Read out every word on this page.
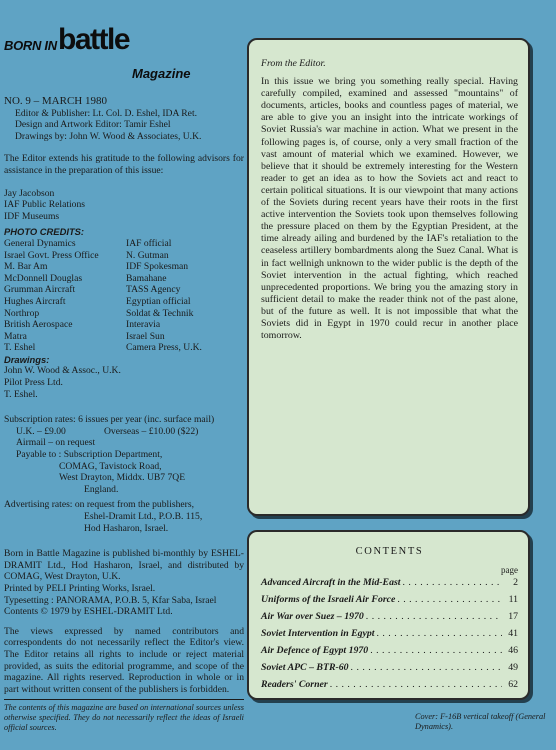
BORN IN battle
Magazine
NO. 9 – MARCH 1980
Editor & Publisher: Lt. Col. D. Eshel, IDA Ret.
Design and Artwork Editor: Tamir Eshel
Drawings by: John W. Wood & Associates, U.K.
The Editor extends his gratitude to the following advisors for assistance in the preparation of this issue:
Jay Jacobson
IAF Public Relations
IDF Museums
PHOTO CREDITS:
General Dynamics	IAF official
Israel Govt. Press Office	N. Gutman
M. Bar Am	IDF Spokesman
McDonnell Douglas	Bamahane
Grumman Aircraft	TASS Agency
Hughes Aircraft	Egyptian official
Northrop	Soldat & Technik
British Aerospace	Interavia
Matra	Israel Sun
T. Eshel	Camera Press, U.K.
Drawings:
John W. Wood & Assoc., U.K.
Pilot Press Ltd.
T. Eshel.
Subscription rates: 6 issues per year (inc. surface mail)
U.K. – £9.00	Overseas – £10.00 ($22)
Airmail – on request
Payable to : Subscription Department,
COMAG, Tavistock Road,
West Drayton, Middx. UB7 7QE
England.
Advertising rates: on request from the publishers,
Eshel-Dramit Ltd., P.O.B. 115,
Hod Hasharon, Israel.
Born in Battle Magazine is published bi-monthly by ESHEL-DRAMIT Ltd., Hod Hasharon, Israel, and distributed by COMAG, West Drayton, U.K.
Printed by PELI Printing Works, Israel.
Typesetting : PANORAMA, P.O.B. 5, Kfar Saba, Israel
Contents © 1979 by ESHEL-DRAMIT Ltd.
The views expressed by named contributors and correspondents do not necessarily reflect the Editor's view. The Editor retains all rights to include or reject material provided, as suits the editorial programme, and scope of the magazine. All rights reserved. Reproduction in whole or in part without written consent of the publishers is forbidden.
The contents of this magazine are based on international sources unless otherwise specified. They do not necessarily reflect the ideas of Israeli official sources.
From the Editor.

In this issue we bring you something really special. Having carefully compiled, examined and assessed "mountains" of documents, articles, books and countless pages of material, we are able to give you an insight into the intricate workings of Soviet Russia's war machine in action. What we present in the following pages is, of course, only a very small fraction of the vast amount of material which we examined. However, we believe that it should be extremely interesting for the Western reader to get an idea as to how the Soviets act and react to certain political situations. It is our viewpoint that many actions of the Soviets during recent years have their roots in the first active intervention the Soviets took upon themselves following the pressure placed on them by the Egyptian President, at the time already ailing and burdened by the IAF's retaliation to the ceaseless artillery bombardments along the Suez Canal. What is in fact wellnigh unknown to the wider public is the depth of the Soviet intervention in the actual fighting, which reached unprecedented proportions. We bring you the amazing story in sufficient detail to make the reader think not of the past alone, but of the future as well. It is not impossible that what the Soviets did in Egypt in 1970 could recur in another place tomorrow.

CONTENTS
page
Advanced Aircraft in the Mid-East . . .	2
Uniforms of the Israeli Air Force . . .	11
Air War over Suez – 1970 . . .	17
Soviet Intervention in Egypt . . .	41
Air Defence of Egypt 1970 . . .	46
Soviet APC – BTR-60 . . .	49
Readers' Corner . . .	62
Cover: F-16B vertical takeoff (General Dynamics).
